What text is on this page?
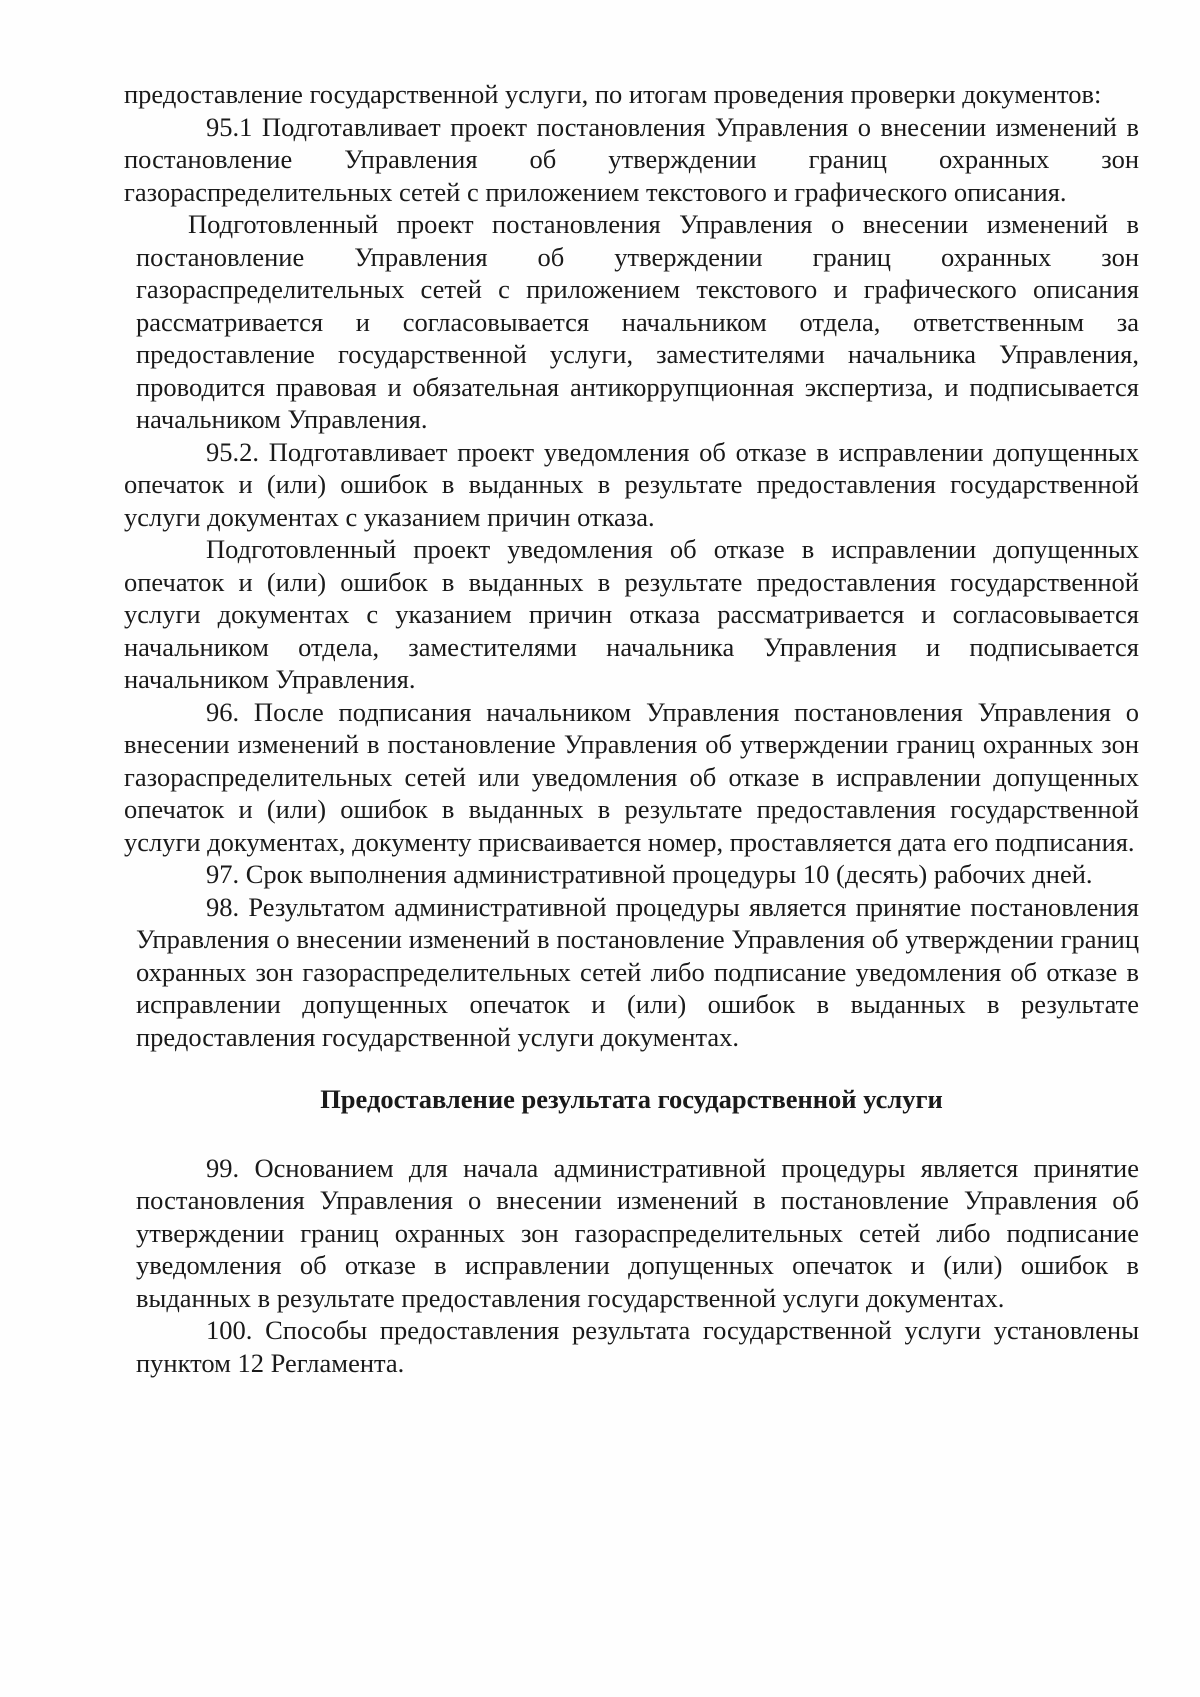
предоставление государственной услуги, по итогам проведения проверки документов:

95.1 Подготавливает проект постановления Управления о внесении изменений в постановление Управления об утверждении границ охранных зон газораспределительных сетей с приложением текстового и графического описания.

Подготовленный проект постановления Управления о внесении изменений в постановление Управления об утверждении границ охранных зон газораспределительных сетей с приложением текстового и графического описания рассматривается и согласовывается начальником отдела, ответственным за предоставление государственной услуги, заместителями начальника Управления, проводится правовая и обязательная антикоррупционная экспертиза, и подписывается начальником Управления.

95.2. Подготавливает проект уведомления об отказе в исправлении допущенных опечаток и (или) ошибок в выданных в результате предоставления государственной услуги документах с указанием причин отказа.

Подготовленный проект уведомления об отказе в исправлении допущенных опечаток и (или) ошибок в выданных в результате предоставления государственной услуги документах с указанием причин отказа рассматривается и согласовывается начальником отдела, заместителями начальника Управления и подписывается начальником Управления.

96. После подписания начальником Управления постановления Управления о внесении изменений в постановление Управления об утверждении границ охранных зон газораспределительных сетей или уведомления об отказе в исправлении допущенных опечаток и (или) ошибок в выданных в результате предоставления государственной услуги документах, документу присваивается номер, проставляется дата его подписания.

97. Срок выполнения административной процедуры 10 (десять) рабочих дней.

98. Результатом административной процедуры является принятие постановления Управления о внесении изменений в постановление Управления об утверждении границ охранных зон газораспределительных сетей либо подписание уведомления об отказе в исправлении допущенных опечаток и (или) ошибок в выданных в результате предоставления государственной услуги документах.

Предоставление результата государственной услуги

99. Основанием для начала административной процедуры является принятие постановления Управления о внесении изменений в постановление Управления об утверждении границ охранных зон газораспределительных сетей либо подписание уведомления об отказе в исправлении допущенных опечаток и (или) ошибок в выданных в результате предоставления государственной услуги документах.

100. Способы предоставления результата государственной услуги установлены пунктом 12 Регламента.
